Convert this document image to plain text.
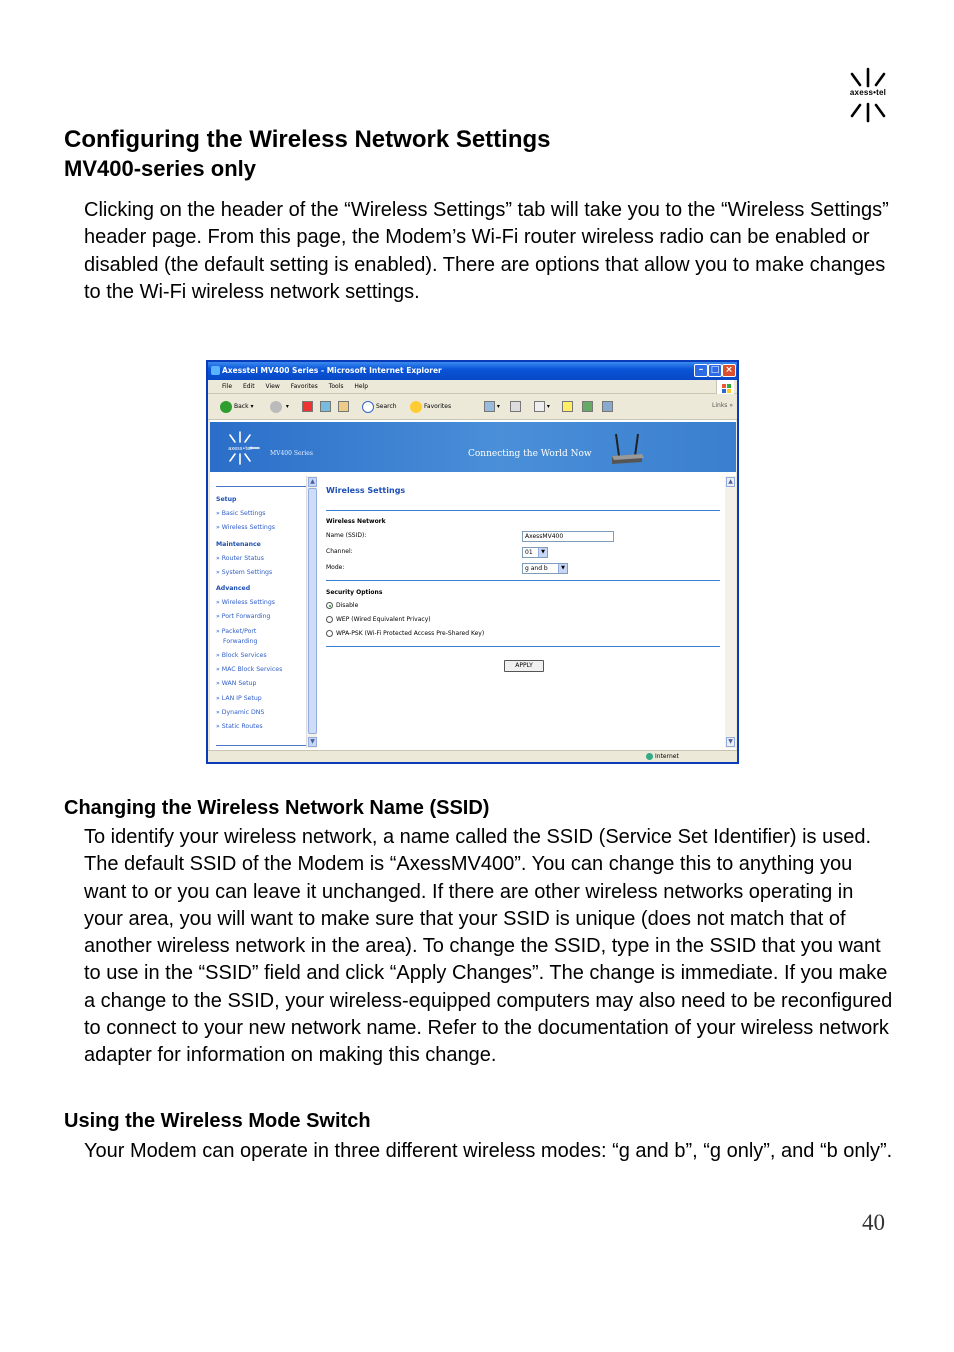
axess•tel
Configuring the Wireless Network Settings
MV400-series only
Clicking on the header of the “Wireless Settings” tab will take you to the “Wireless Settings” header page. From this page, the Modem’s Wi-Fi router wireless radio can be enabled or disabled (the default setting is enabled). There are options that allow you to make changes to the Wi-Fi wireless network settings.
Axesstel MV400 Series - Microsoft Internet Explorer	– □ ×
File Edit View Favorites Tools Help
Back ▾	▾	Search	Favorites	▾	▾	Links »
axess•tel
MV400 Series	Connecting the World Now
Setup
» Basic Settings
» Wireless Settings
Maintenance
» Router Status
» System Settings
Advanced
» Wireless Settings
» Port Forwarding
» Packet/Port
Forwarding
» Block Services
» MAC Block Services
» WAN Setup
» LAN IP Setup
» Dynamic DNS
» Static Routes
▲
▼
Wireless Settings
Wireless Network
Name (SSID):	AxessMV400
Channel:	01	▼
Mode:	g and b	▼
Security Options
Disable
WEP (Wired Equivalent Privacy)
WPA-PSK (Wi-Fi Protected Access Pre-Shared Key)
APPLY
▲
▼
Internet
Changing the Wireless Network Name (SSID)
To identify your wireless network, a name called the SSID (Service Set Identifier) is used. The default SSID of the Modem is “AxessMV400”. You can change this to anything you want to or you can leave it unchanged. If there are other wireless networks operating in your area, you will want to make sure that your SSID is unique (does not match that of another wireless network in the area). To change the SSID, type in the SSID that you want to use in the “SSID” field and click “Apply Changes”. The change is immediate. If you make a change to the SSID, your wireless-equipped computers may also need to be reconfigured to connect to your new network name. Refer to the documentation of your wireless network adapter for information on making this change.
Using the Wireless Mode Switch
Your Modem can operate in three different wireless modes: “g and b”, “g only”, and “b only”.
40
